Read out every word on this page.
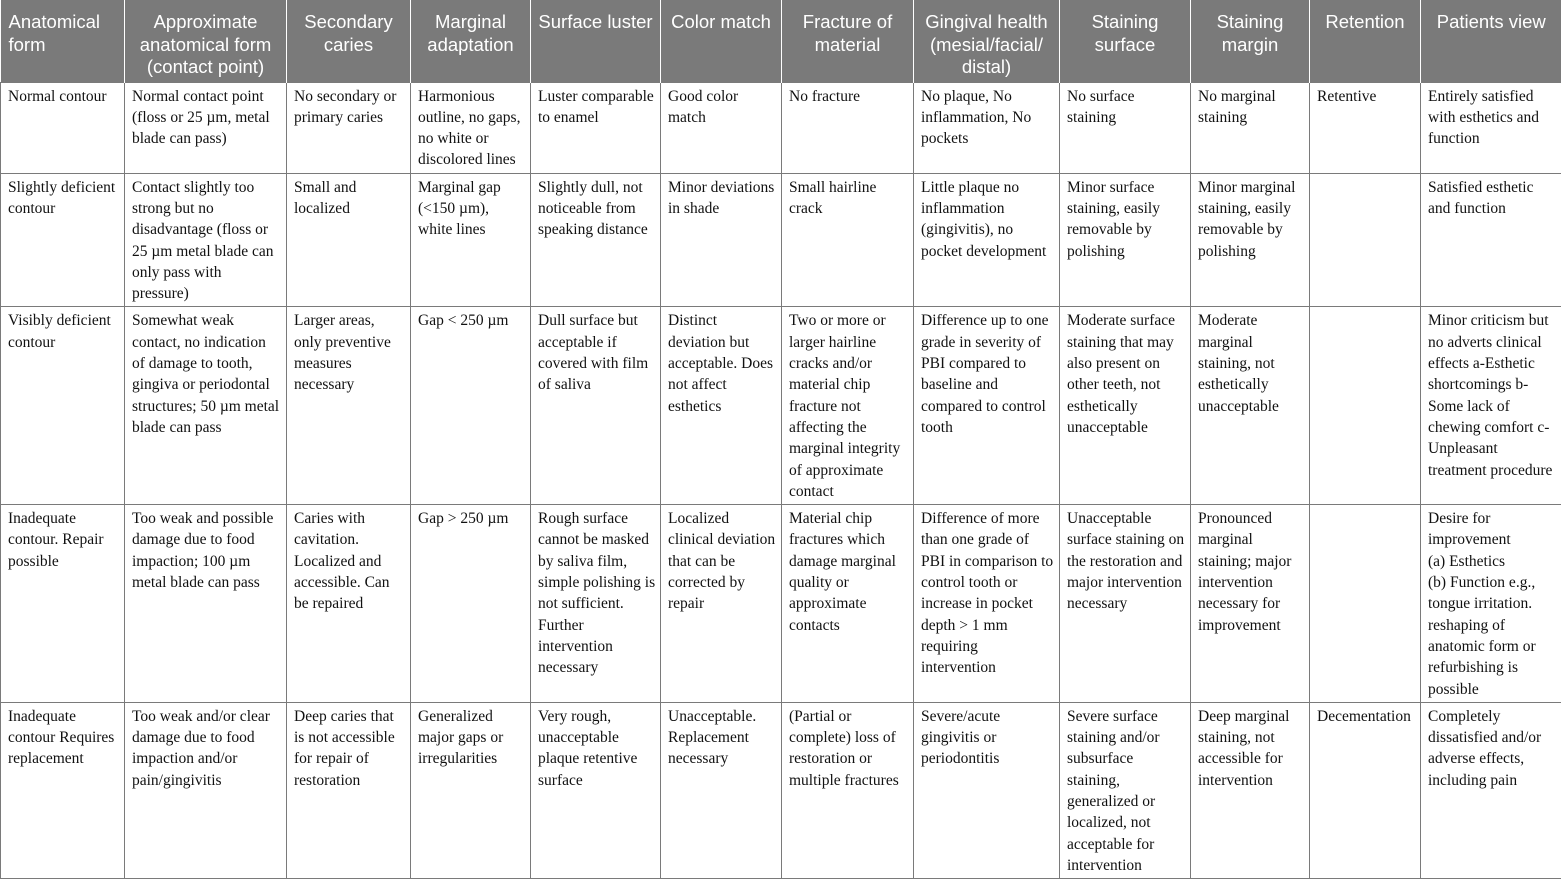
Anatomical form	Approximate anatomical form (contact point)	Secondary caries	Marginal adaptation	Surface luster	Color match	Fracture of material	Gingival health (mesial/facial/ distal)	Staining surface	Staining margin	Retention	Patients view
Normal contour	Normal contact point (floss or 25 µm, metal blade can pass)	No secondary or primary caries	Harmonious outline, no gaps, no white or discolored lines	Luster comparable to enamel	Good color match	No fracture	No plaque, No inflammation, No pockets	No surface staining	No marginal staining	Retentive	Entirely satisfied with esthetics and function
Slightly deficient contour	Contact slightly too strong but no disadvantage (floss or 25 µm metal blade can only pass with pressure)	Small and localized	Marginal gap (<150 µm), white lines	Slightly dull, not noticeable from speaking distance	Minor deviations in shade	Small hairline crack	Little plaque no inflammation (gingivitis), no pocket development	Minor surface staining, easily removable by polishing	Minor marginal staining, easily removable by polishing		Satisfied esthetic and function
Visibly deficient contour	Somewhat weak contact, no indication of damage to tooth, gingiva or periodontal structures; 50 µm metal blade can pass	Larger areas, only preventive measures necessary	Gap < 250 µm	Dull surface but acceptable if covered with film of saliva	Distinct deviation but acceptable. Does not affect esthetics	Two or more or larger hairline cracks and/or material chip fracture not affecting the marginal integrity of approximate contact	Difference up to one grade in severity of PBI compared to baseline and compared to control tooth	Moderate surface staining that may also present on other teeth, not esthetically unacceptable	Moderate marginal staining, not esthetically unacceptable		Minor criticism but no adverts clinical effects a-Esthetic shortcomings b-Some lack of chewing comfort c-Unpleasant treatment procedure
Inadequate contour. Repair possible	Too weak and possible damage due to food impaction; 100 µm metal blade can pass	Caries with cavitation. Localized and accessible. Can be repaired	Gap > 250 µm	Rough surface cannot be masked by saliva film, simple polishing is not sufficient. Further intervention necessary	Localized clinical deviation that can be corrected by repair	Material chip fractures which damage marginal quality or approximate contacts	Difference of more than one grade of PBI in comparison to control tooth or increase in pocket depth > 1 mm requiring intervention	Unacceptable surface staining on the restoration and major intervention necessary	Pronounced marginal staining; major intervention necessary for improvement		Desire for improvement
(a) Esthetics
(b) Function e.g., tongue irritation. reshaping of anatomic form or refurbishing is possible

Inadequate contour Requires replacement	Too weak and/or clear damage due to food impaction and/or pain/gingivitis	Deep caries that is not accessible for repair of restoration	Generalized major gaps or irregularities	Very rough, unacceptable plaque retentive surface	Unacceptable. Replacement necessary	(Partial or complete) loss of restoration or multiple fractures	Severe/acute gingivitis or periodontitis	Severe surface staining and/or subsurface staining, generalized or localized, not acceptable for intervention	Deep marginal staining, not accessible for intervention	Decementation	Completely dissatisfied and/or adverse effects, including pain
